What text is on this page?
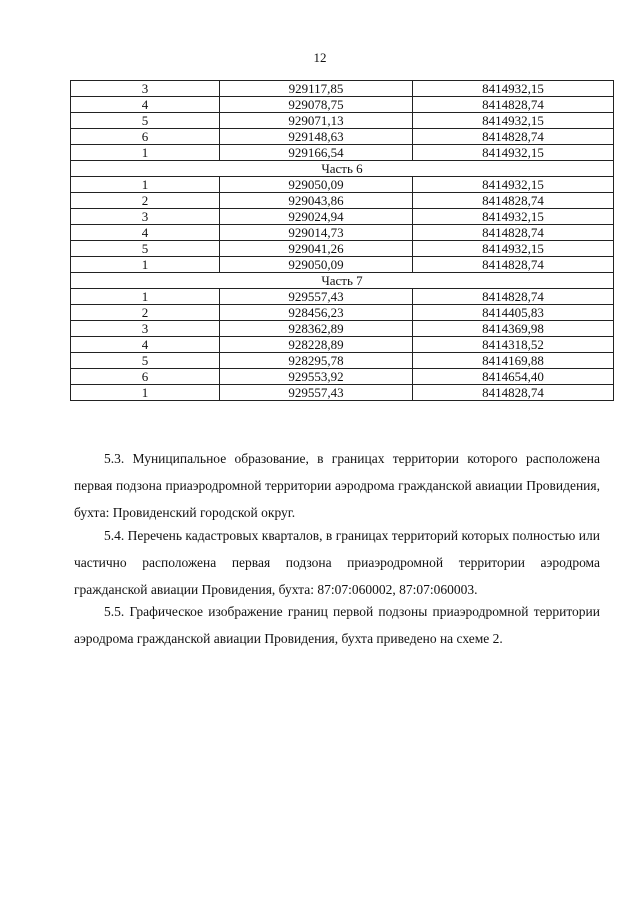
12
3	929117,85	8414932,15
4	929078,75	8414828,74
5	929071,13	8414932,15
6	929148,63	8414828,74
1	929166,54	8414932,15
Часть 6		
1	929050,09	8414932,15
2	929043,86	8414828,74
3	929024,94	8414932,15
4	929014,73	8414828,74
5	929041,26	8414932,15
1	929050,09	8414828,74
Часть 7		
1	929557,43	8414828,74
2	928456,23	8414405,83
3	928362,89	8414369,98
4	928228,89	8414318,52
5	928295,78	8414169,88
6	929553,92	8414654,40
1	929557,43	8414828,74

5.3. Муниципальное образование, в границах территории которого расположена первая подзона приаэродромной территории аэродрома гражданской авиации Провидения, бухта: Провиденский городской округ.

5.4. Перечень кадастровых кварталов, в границах территорий которых полностью или частично расположена первая подзона приаэродромной территории аэродрома гражданской авиации Провидения, бухта: 87:07:060002, 87:07:060003.

5.5. Графическое изображение границ первой подзоны приаэродромной территории аэродрома гражданской авиации Провидения, бухта приведено на схеме 2.
